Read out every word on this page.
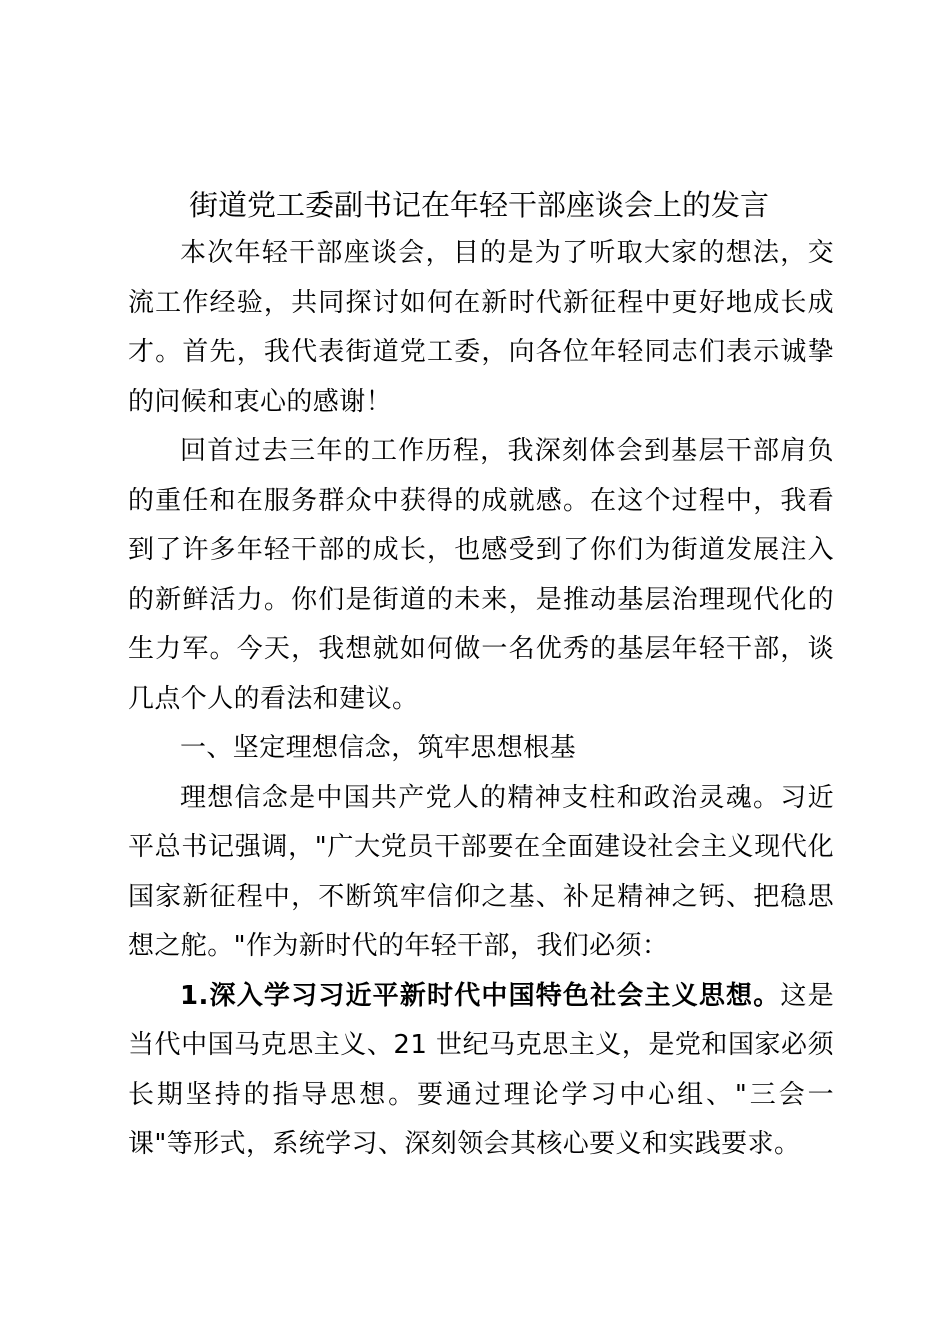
街道党工委副书记在年轻干部座谈会上的发言

本次年轻干部座谈会，目的是为了听取大家的想法，交流工作经验，共同探讨如何在新时代新征程中更好地成长成才。首先，我代表街道党工委，向各位年轻同志们表示诚挚的问候和衷心的感谢！

回首过去三年的工作历程，我深刻体会到基层干部肩负的重任和在服务群众中获得的成就感。在这个过程中，我看到了许多年轻干部的成长，也感受到了你们为街道发展注入的新鲜活力。你们是街道的未来，是推动基层治理现代化的生力军。今天，我想就如何做一名优秀的基层年轻干部，谈几点个人的看法和建议。

一、坚定理想信念，筑牢思想根基

理想信念是中国共产党人的精神支柱和政治灵魂。习近平总书记强调，"广大党员干部要在全面建设社会主义现代化国家新征程中，不断筑牢信仰之基、补足精神之钙、把稳思想之舵。"作为新时代的年轻干部，我们必须：

1.深入学习习近平新时代中国特色社会主义思想。这是当代中国马克思主义、21 世纪马克思主义，是党和国家必须长期坚持的指导思想。要通过理论学习中心组、"三会一课"等形式，系统学习、深刻领会其核心要义和实践要求。
